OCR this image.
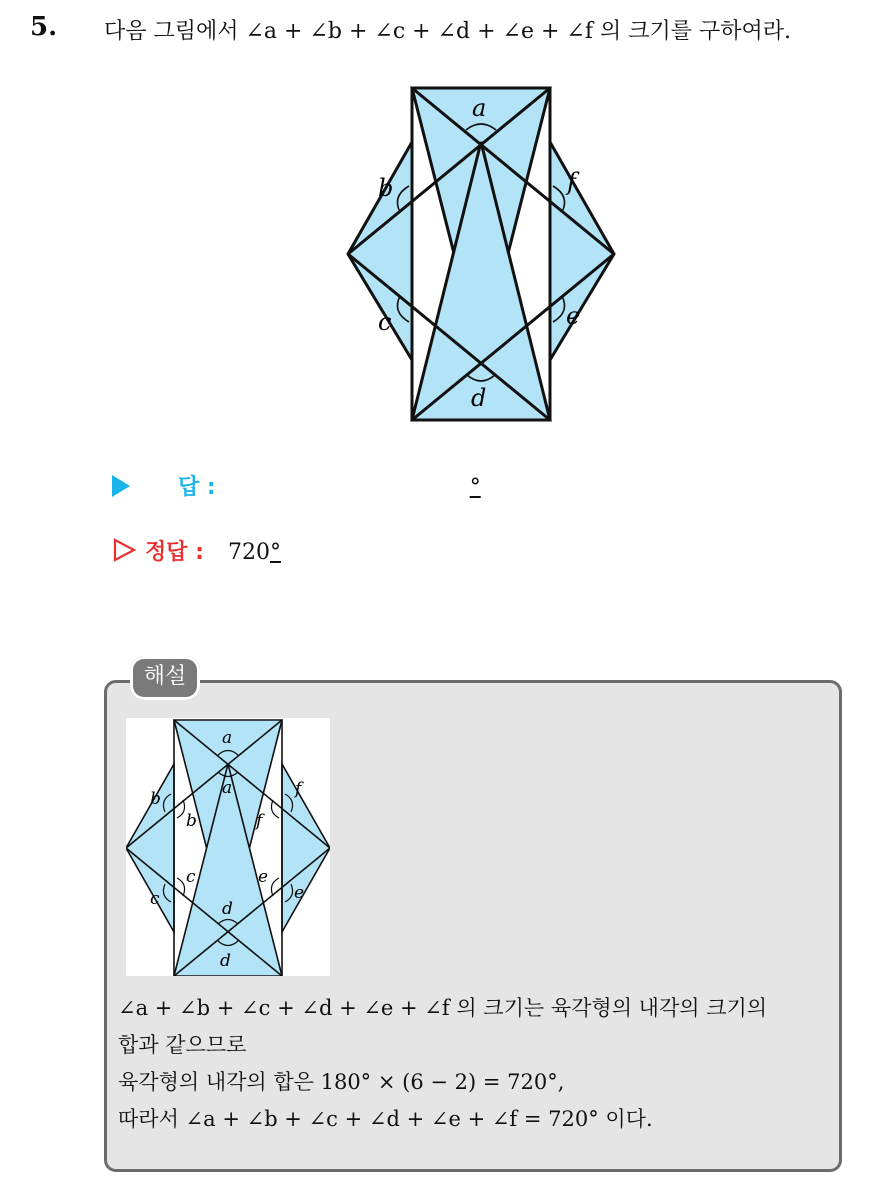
5. 다음 그림에서 ∠a + ∠b + ∠c + ∠d + ∠e + ∠f 의 크기를 구하여라.
a
b
c
d
e
f
답 :	°
정답 : 720°
해설
a
a
b
b
c
c
d
d
e
e
f
f
∠a + ∠b + ∠c + ∠d + ∠e + ∠f 의 크기는 육각형의 내각의 크기의
합과 같으므로
육각형의 내각의 합은 180° × (6 − 2) = 720°,
따라서 ∠a + ∠b + ∠c + ∠d + ∠e + ∠f = 720° 이다.
